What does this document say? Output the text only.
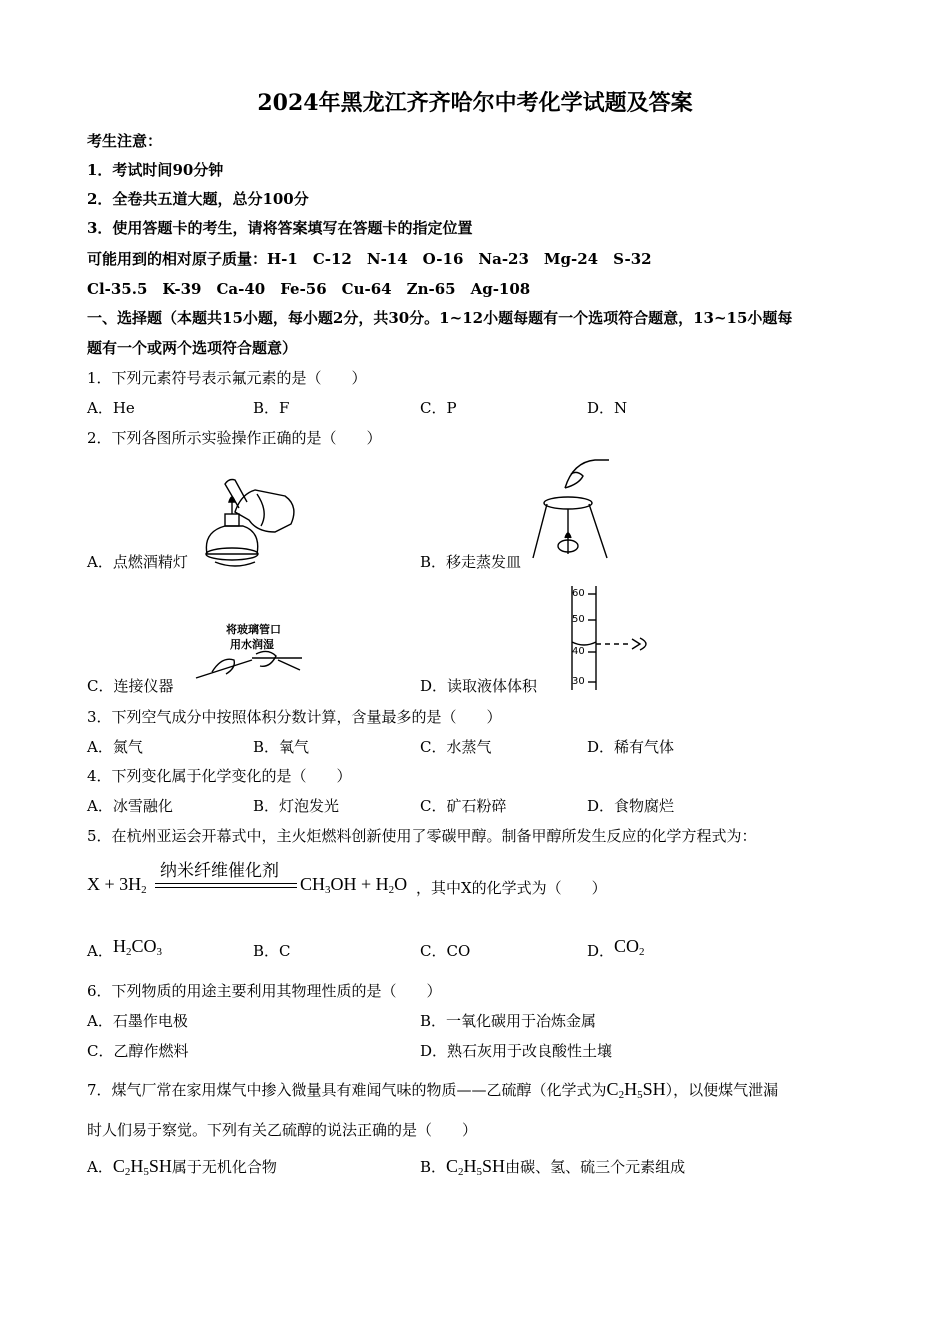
2024年黑龙江齐齐哈尔中考化学试题及答案
考生注意：
1．考试时间90分钟
2．全卷共五道大题，总分100分
3．使用答题卡的考生，请将答案填写在答题卡的指定位置
可能用到的相对原子质量：H-1　C-12　N-14　O-16　Na-23　Mg-24　S-32
Cl-35.5　K-39　Ca-40　Fe-56　Cu-64　Zn-65　Ag-108
一、选择题（本题共15小题，每小题2分，共30分。1~12小题每题有一个选项符合题意，13~15小题每
题有一个或两个选项符合题意）
1．下列元素符号表示氟元素的是（　　）
A．He	B．F	C．P	D．N
2．下列各图所示实验操作正确的是（　　）
A．点燃酒精灯	B．移走蒸发皿
将玻璃管口
用水润湿
C．连接仪器
60
50
40
30
D．读取液体体积
3．下列空气成分中按照体积分数计算，含量最多的是（　　）
A．氮气	B．氧气	C．水蒸气	D．稀有气体
4．下列变化属于化学变化的是（　　）
A．冰雪融化	B．灯泡发光	C．矿石粉碎	D．食物腐烂
5．在杭州亚运会开幕式中，主火炬燃料创新使用了零碳甲醇。制备甲醇所发生反应的化学方程式为：
$X + 3H_2$
纳米纤维催化剂
$CH_3OH + H_2O$ ，其中X的化学式为（　　）
A． $H_2CO_3$	B．C	C．CO	D． $CO_2$
6．下列物质的用途主要利用其物理性质的是（　　）
A．石墨作电极	B．一氧化碳用于冶炼金属
C．乙醇作燃料	D．熟石灰用于改良酸性土壤
7．煤气厂常在家用煤气中掺入微量具有难闻气味的物质——乙硫醇（化学式为$C_2H_5SH$），以便煤气泄漏
时人们易于察觉。下列有关乙硫醇的说法正确的是（　　）
A．$C_2H_5SH$属于无机化合物	B．$C_2H_5SH$由碳、氢、硫三个元素组成
